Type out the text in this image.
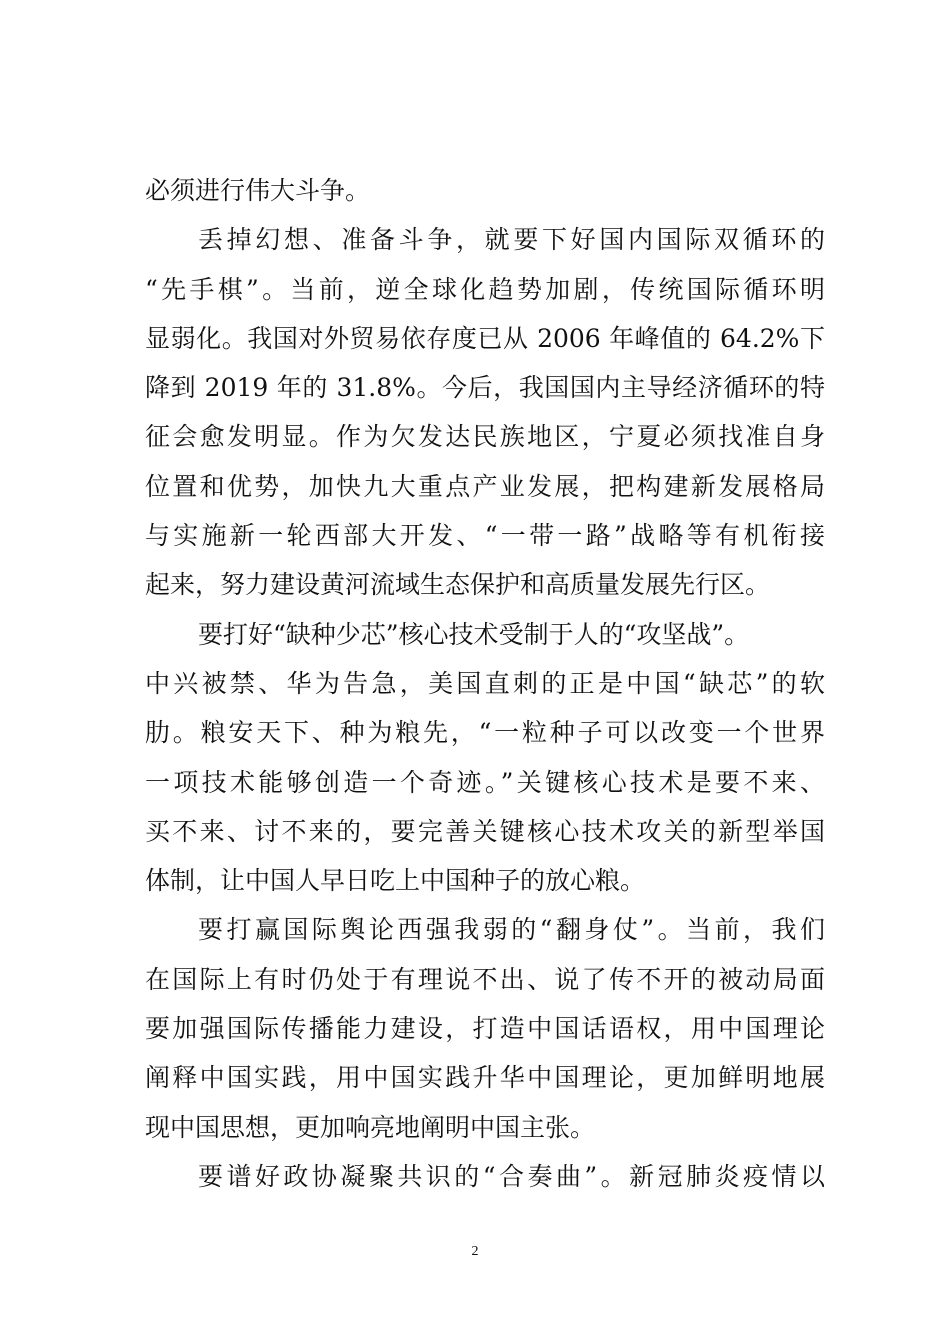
必须进行伟大斗争。
丢掉幻想、准备斗争，就要下好国内国际双循环的
“先手棋”。当前，逆全球化趋势加剧，传统国际循环明
显弱化。我国对外贸易依存度已从 2006 年峰值的 64.2%下
降到 2019 年的 31.8%。今后，我国国内主导经济循环的特
征会愈发明显。作为欠发达民族地区，宁夏必须找准自身
位置和优势，加快九大重点产业发展，把构建新发展格局
与实施新一轮西部大开发、“一带一路”战略等有机衔接
起来，努力建设黄河流域生态保护和高质量发展先行区。
要打好“缺种少芯”核心技术受制于人的“攻坚战”。
中兴被禁、华为告急，美国直刺的正是中国“缺芯”的软
肋。粮安天下、种为粮先，“一粒种子可以改变一个世界
一项技术能够创造一个奇迹。”关键核心技术是要不来、
买不来、讨不来的，要完善关键核心技术攻关的新型举国
体制，让中国人早日吃上中国种子的放心粮。
要打赢国际舆论西强我弱的“翻身仗”。当前，我们
在国际上有时仍处于有理说不出、说了传不开的被动局面
要加强国际传播能力建设，打造中国话语权，用中国理论
阐释中国实践，用中国实践升华中国理论，更加鲜明地展
现中国思想，更加响亮地阐明中国主张。
要谱好政协凝聚共识的“合奏曲”。新冠肺炎疫情以
2
